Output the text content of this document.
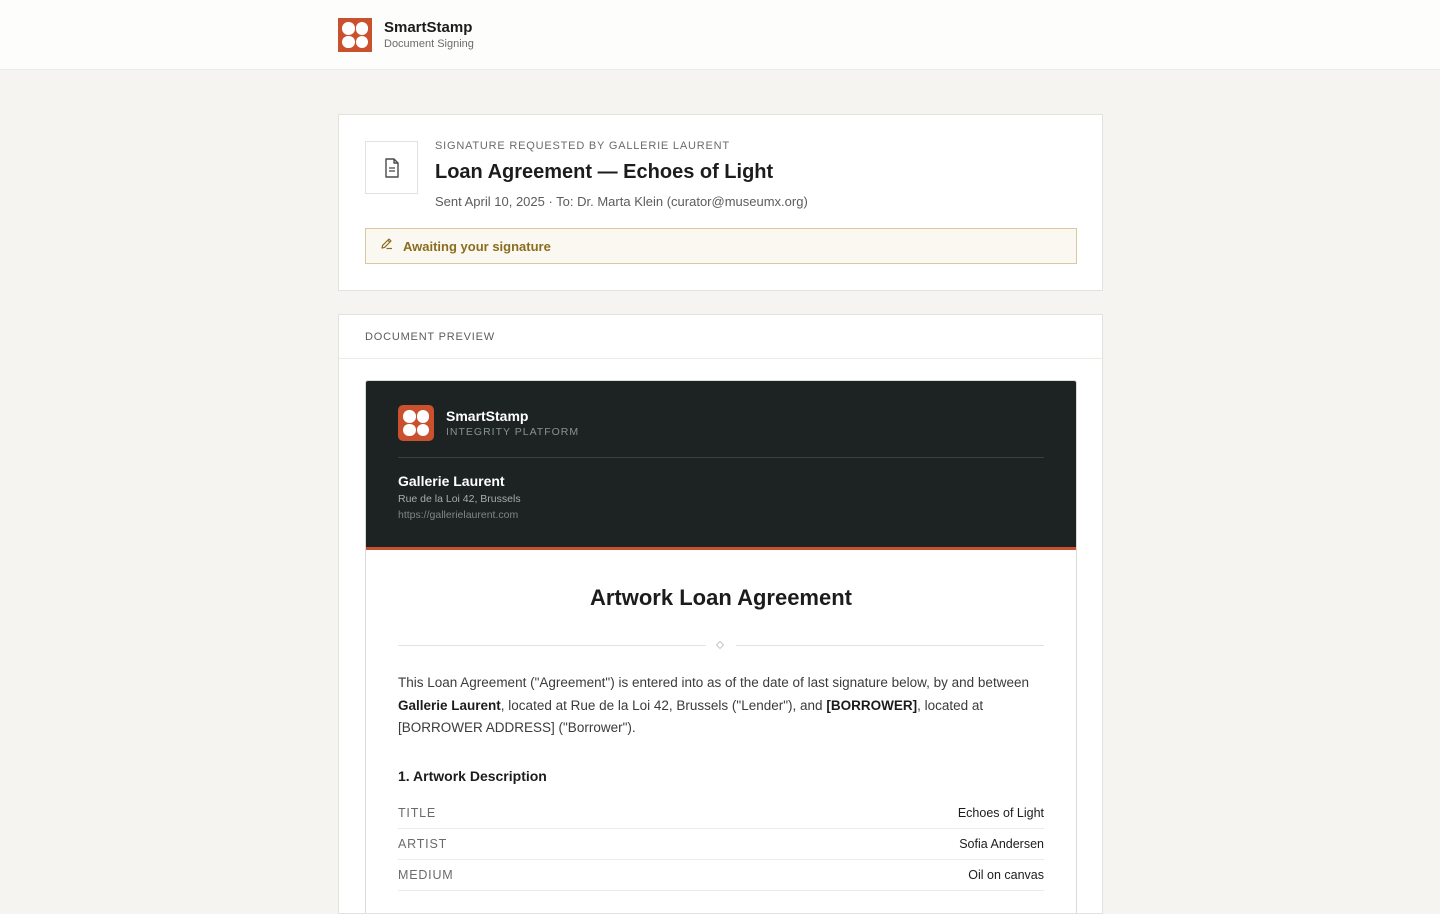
SmartStamp
Document Signing
SIGNATURE REQUESTED BY GALLERIE LAURENT
Loan Agreement — Echoes of Light
Sent April 10, 2025 · To: Dr. Marta Klein (curator@museumx.org)
Awaiting your signature
DOCUMENT PREVIEW
SmartStamp
INTEGRITY PLATFORM
Gallerie Laurent
Rue de la Loi 42, Brussels
https://gallerielaurent.com
Artwork Loan Agreement

This Loan Agreement ("Agreement") is entered into as of the date of last signature below, by and between Gallerie Laurent, located at Rue de la Loi 42, Brussels ("Lender"), and [BORROWER], located at [BORROWER ADDRESS] ("Borrower").

1. Artwork Description
TITLE	Echoes of Light
ARTIST	Sofia Andersen
MEDIUM	Oil on canvas
